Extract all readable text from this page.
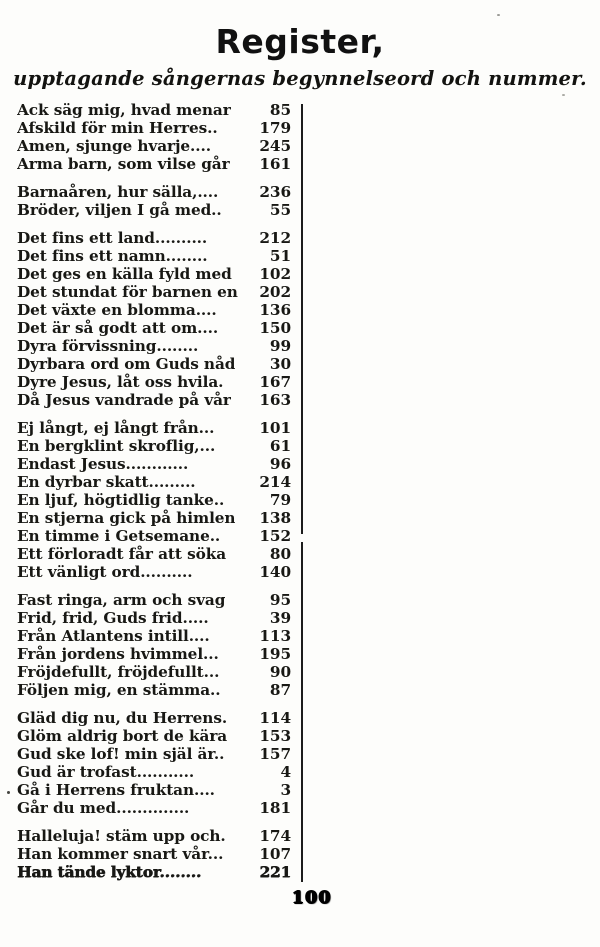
Register,
upptagande sångernas begynnelseord och nummer.
Ack säg mig, hvad menar	85
Afskild för min Herres..	179
Amen, sjunge hvarje....	245
Arma barn, som vilse går 161
Barnaåren, hur sälla,....	236
Bröder, viljen I gå med..	55
Det fins ett land..........	212
Det fins ett namn........	51
Det ges en källa fyld med 102
Det stundat för barnen en 202
Det växte en blomma....	136
Det är så godt att om....	150
Dyra förvissning........	99
Dyrbara ord om Guds nåd	30
Dyre Jesus, låt oss hvila. 167
Då Jesus vandrade på vår 163
Ej långt, ej långt från...	101
En bergklint skroflig,...	61
Endast Jesus............	96
En dyrbar skatt.........	214
En ljuf, högtidlig tanke..	79
En stjerna gick på himlen 138
En timme i Getsemane..	152
Ett förloradt får att söka	80
Ett vänligt ord..........	140
Fast ringa, arm och svag	95
Frid, frid, Guds frid.....	39
Från Atlantens intill....	113
Från jordens hvimmel...	195
Fröjdefullt, fröjdefullt...	90
Följen mig, en stämma..	87
Gläd dig nu, du Herrens. 114
Glöm aldrig bort de kära 153
Gud ske lof! min själ är.. 157
Gud är trofast...........	4
Gå i Herrens fruktan....	3
Går du med..............	181
Halleluja! stäm upp och. 174
Han kommer snart vår... 107
Han tände lyktor........	221
100
